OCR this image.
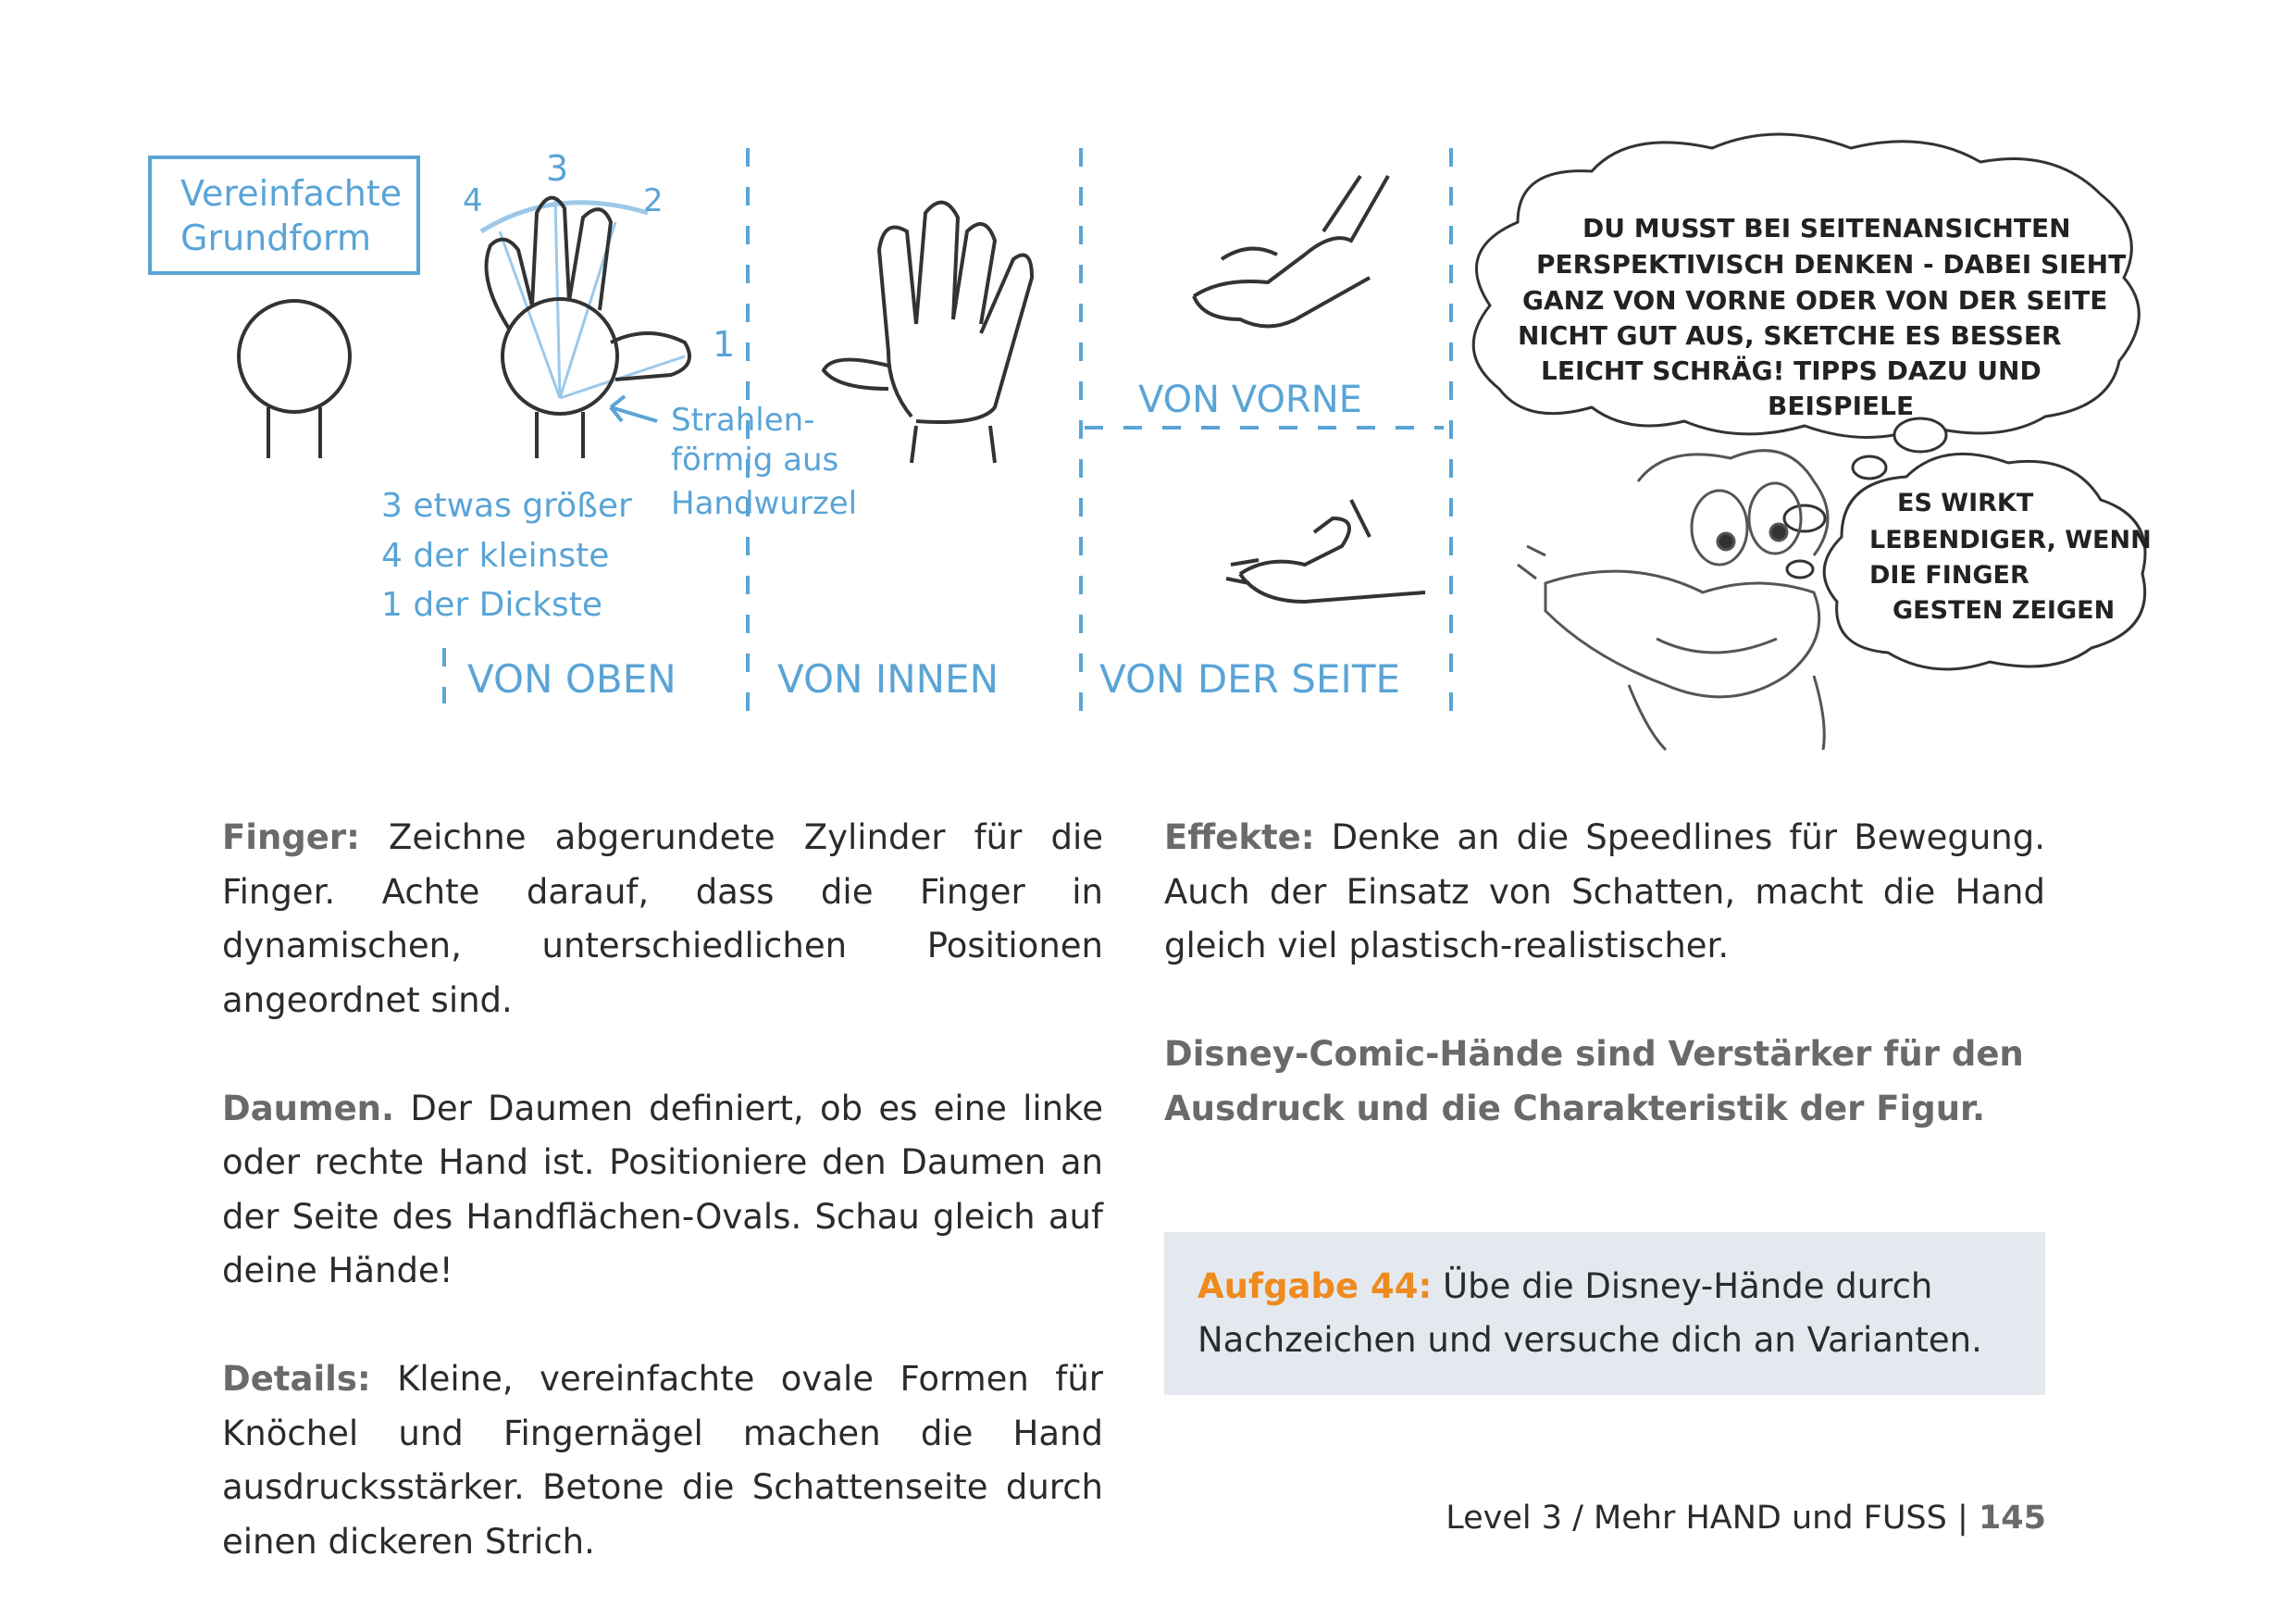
Vereinfachte
Grundform
4
3
2
1
Strahlen-
förmig aus
Handwurzel
3 etwas größer
4 der kleinste
1 der Dickste
VON VORNE
VON OBEN	VON INNEN	VON DER SEITE
DU MUSST BEI SEITENANSICHTEN
PERSPEKTIVISCH DENKEN - DABEI SIEHT
GANZ VON VORNE ODER VON DER SEITE
NICHT GUT AUS, SKETCHE ES BESSER
LEICHT SCHRÄG! TIPPS DAZU UND
BEISPIELE
ES WIRKT
LEBENDIGER, WENN
DIE FINGER
GESTEN ZEIGEN

Finger: Zeichne abgerundete Zylinder für die Finger. Achte darauf, dass die Finger in dynamischen, unterschiedlichen Positionen angeordnet sind.

Daumen. Der Daumen definiert, ob es eine linke oder rechte Hand ist. Positioniere den Daumen an der Seite des Handflächen-Ovals. Schau gleich auf deine Hände!

Details: Kleine, vereinfachte ovale Formen für Knöchel und Fingernägel machen die Hand ausdrucksstärker. Betone die Schattenseite durch einen dickeren Strich.

Effekte: Denke an die Speedlines für Bewegung. Auch der Einsatz von Schatten, macht die Hand gleich viel plastisch-realistischer.

Disney-Comic-Hände sind Verstärker für den Ausdruck und die Charakteristik der Figur.

Aufgabe 44: Übe die Disney-Hände durch Nachzeichen und versuche dich an Varianten.
Level 3 / Mehr HAND und FUSS | 145
